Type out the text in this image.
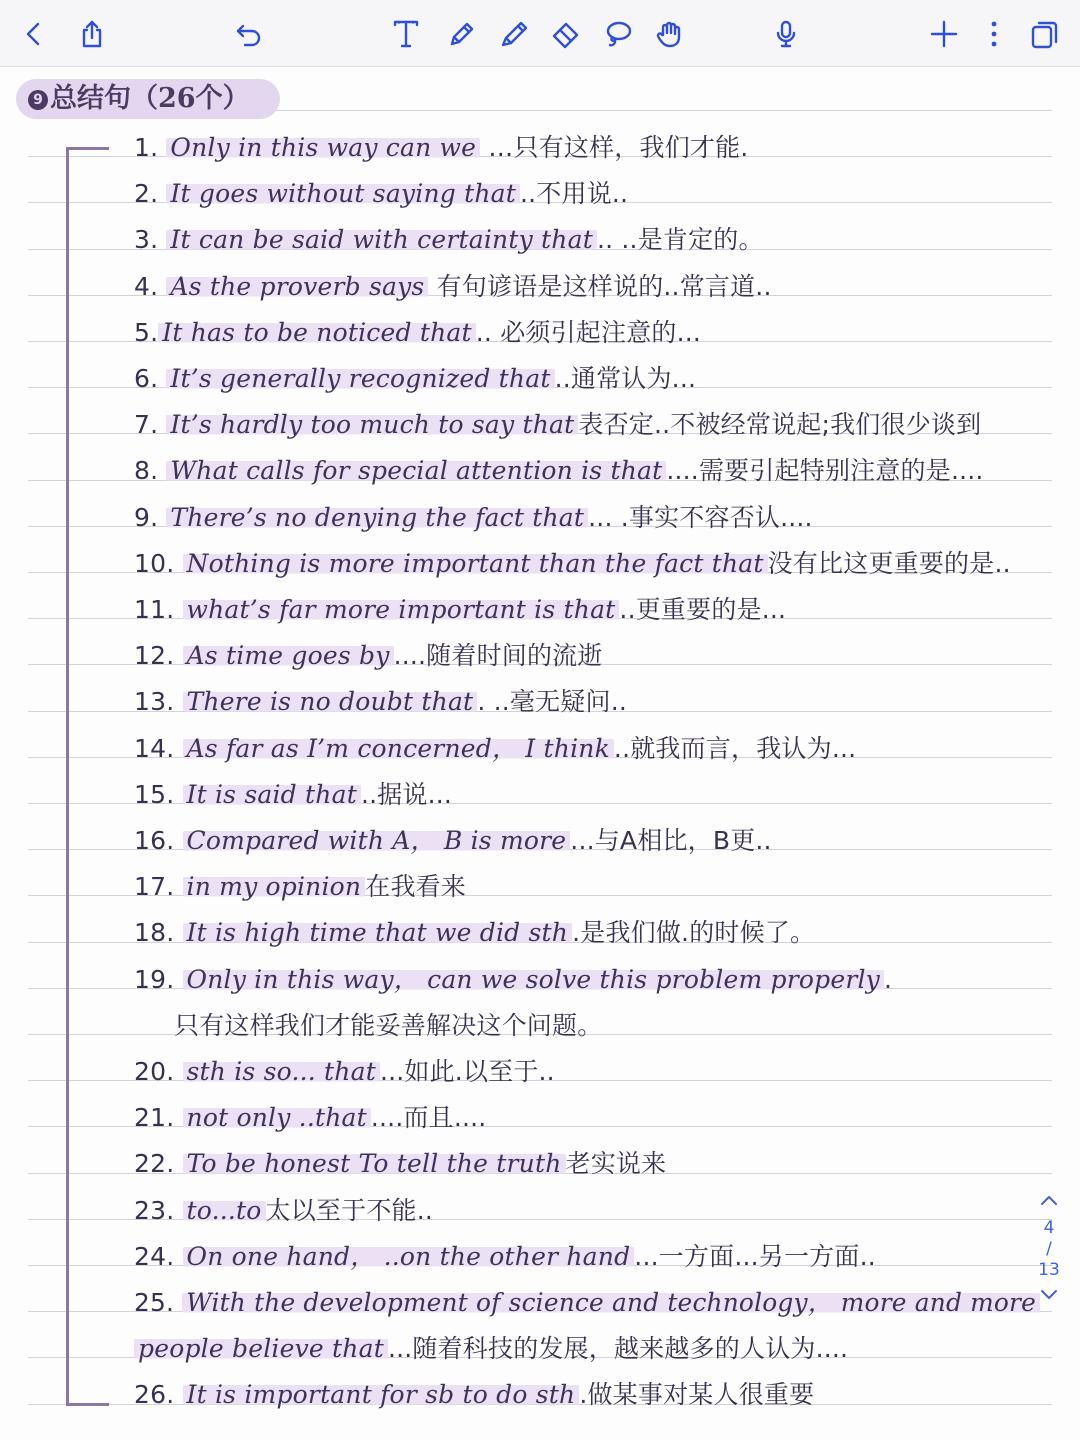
9 总结句（26个）
1. Only in this way can we …只有这样，我们才能.
2. It goes without saying that ..不用说..
3. It can be said with certainty that .. ..是肯定的。
4. As the proverb says 有句谚语是这样说的..常言道..
5. It has to be noticed that .. 必须引起注意的...
6. It’s generally recognized that ..通常认为...
7. It’s hardly too much to say that 表否定..不被经常说起;我们很少谈到
8. What calls for special attention is that ....需要引起特别注意的是....
9. There’s no denying the fact that ... .事实不容否认....
10. Nothing is more important than the fact that 没有比这更重要的是..
11. what’s far more important is that ..更重要的是...
12. As time goes by ....随着时间的流逝
13. There is no doubt that . ..毫无疑问..
14. As far as I’m concerned， I think ..就我而言，我认为...
15. It is said that ..据说...
16. Compared with A， B is more ...与A相比，B更..
17. in my opinion 在我看来
18. It is high time that we did sth .是我们做.的时候了。
19. Only in this way， can we solve this problem properly .
只有这样我们才能妥善解决这个问题。
20. sth is so... that ...如此.以至于..
21. not only ..that ....而且....
22. To be honest To tell the truth 老实说来
23. to...to 太以至于不能..
24. On one hand， ..on the other hand ...一方面...另一方面..
25. With the development of science and technology， more and more
people believe that ...随着科技的发展，越来越多的人认为....
26. It is important for sb to do sth .做某事对某人很重要
4
/
13
